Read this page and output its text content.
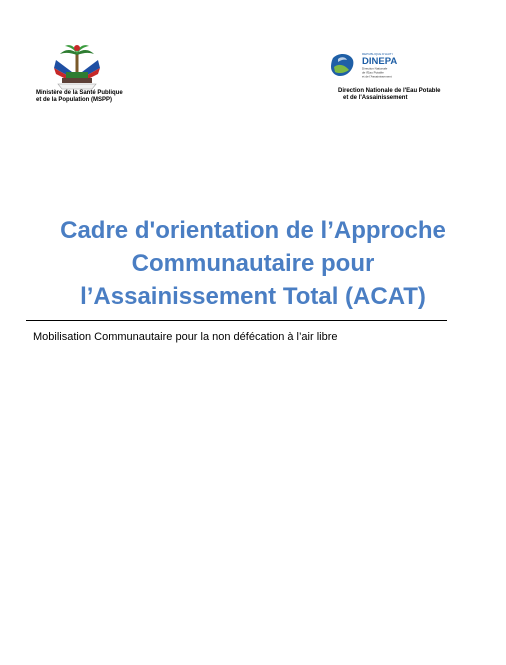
Ministère de la Santé Publique
et de la Population (MSPP)
REPUBLIQUE D'HAITI
DINEPA
Direction Nationale
de l'Eau Potable
et de l'Assainissement
Direction Nationale de l'Eau Potable
et de l'Assainissement
Cadre d'orientation de l’Approche
Communautaire pour
l’Assainissement Total (ACAT)
Mobilisation Communautaire pour la non défécation à l’air libre
